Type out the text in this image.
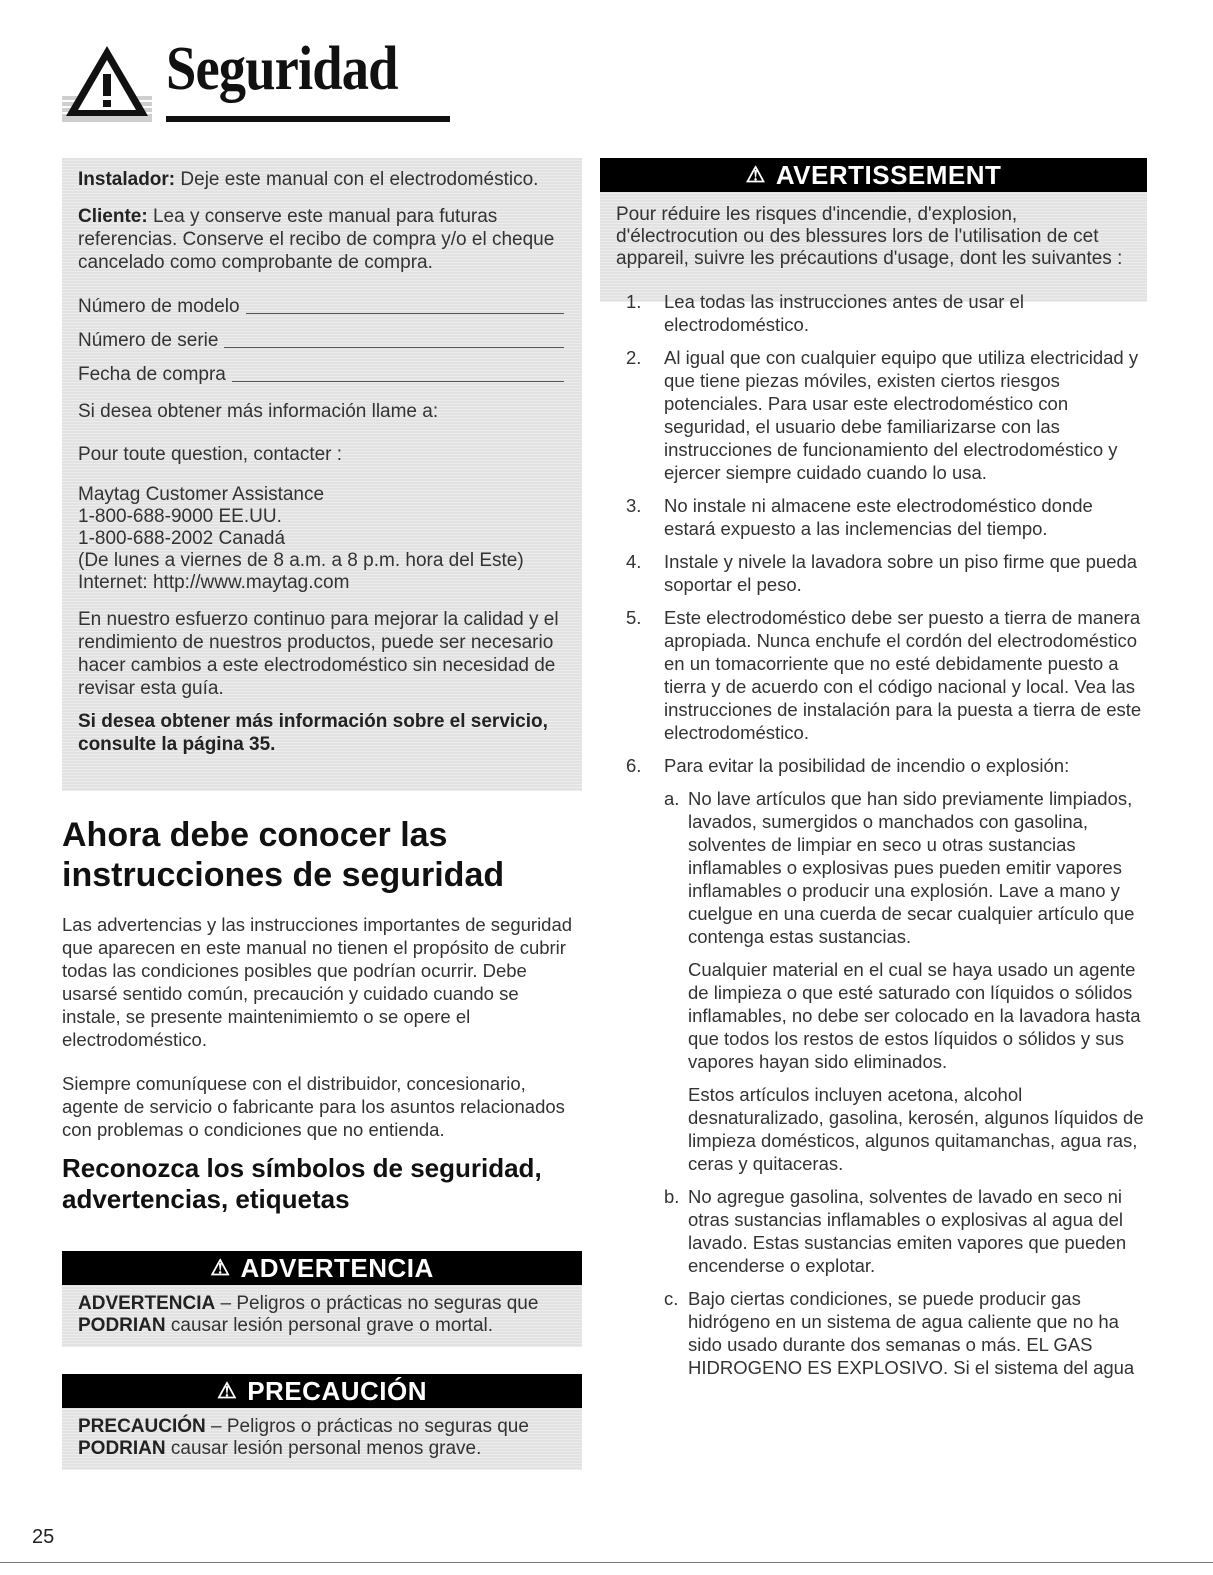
Seguridad

Instalador: Deje este manual con el electrodoméstico.

Cliente: Lea y conserve este manual para futuras referencias. Conserve el recibo de compra y/o el cheque cancelado como comprobante de compra.

Número de modelo
Número de serie
Fecha de compra

Si desea obtener más información llame a:

Pour toute question, contacter :

Maytag Customer Assistance

1-800-688-9000 EE.UU.

1-800-688-2002 Canadá

(De lunes a viernes de 8 a.m. a 8 p.m. hora del Este)

Internet: http://www.maytag.com

En nuestro esfuerzo continuo para mejorar la calidad y el rendimiento de nuestros productos, puede ser necesario hacer cambios a este electrodoméstico sin necesidad de revisar esta guía.

Si desea obtener más información sobre el servicio, consulte la página 35.

Ahora debe conocer las instrucciones de seguridad
Las advertencias y las instrucciones importantes de seguridad que aparecen en este manual no tienen el propósito de cubrir todas las condiciones posibles que podrían ocurrir. Debe usarsé sentido común, precaución y cuidado cuando se instale, se presente maintenimiemto o se opere el electrodoméstico.
Siempre comuníquese con el distribuidor, concesionario, agente de servicio o fabricante para los asuntos relacionados con problemas o condiciones que no entienda.
Reconozca los símbolos de seguridad, advertencias, etiquetas
⚠ ADVERTENCIA
ADVERTENCIA – Peligros o prácticas no seguras que PODRIAN causar lesión personal grave o mortal.
⚠ PRECAUCIÓN
PRECAUCIÓN – Peligros o prácticas no seguras que PODRIAN causar lesión personal menos grave.
⚠ AVERTISSEMENT
Pour réduire les risques d'incendie, d'explosion, d'électrocution ou des blessures lors de l'utilisation de cet appareil, suivre les précautions d'usage, dont les suivantes :
1. Lea todas las instrucciones antes de usar el electrodoméstico.
2. Al igual que con cualquier equipo que utiliza electricidad y que tiene piezas móviles, existen ciertos riesgos potenciales. Para usar este electrodoméstico con seguridad, el usuario debe familiarizarse con las instrucciones de funcionamiento del electrodoméstico y ejercer siempre cuidado cuando lo usa.
3. No instale ni almacene este electrodoméstico donde estará expuesto a las inclemencias del tiempo.
4. Instale y nivele la lavadora sobre un piso firme que pueda soportar el peso.
5. Este electrodoméstico debe ser puesto a tierra de manera apropiada. Nunca enchufe el cordón del electrodoméstico en un tomacorriente que no esté debidamente puesto a tierra y de acuerdo con el código nacional y local. Vea las instrucciones de instalación para la puesta a tierra de este electrodoméstico.
6. Para evitar la posibilidad de incendio o explosión:
a. No lave artículos que han sido previamente limpiados, lavados, sumergidos o manchados con gasolina, solventes de limpiar en seco u otras sustancias inflamables o explosivas pues pueden emitir vapores inflamables o producir una explosión. Lave a mano y cuelgue en una cuerda de secar cualquier artículo que contenga estas sustancias.
Cualquier material en el cual se haya usado un agente de limpieza o que esté saturado con líquidos o sólidos inflamables, no debe ser colocado en la lavadora hasta que todos los restos de estos líquidos o sólidos y sus vapores hayan sido eliminados.
Estos artículos incluyen acetona, alcohol desnaturalizado, gasolina, kerosén, algunos líquidos de limpieza domésticos, algunos quitamanchas, agua ras, ceras y quitaceras.
b. No agregue gasolina, solventes de lavado en seco ni otras sustancias inflamables o explosivas al agua del lavado. Estas sustancias emiten vapores que pueden encenderse o explotar.
c. Bajo ciertas condiciones, se puede producir gas hidrógeno en un sistema de agua caliente que no ha sido usado durante dos semanas o más. EL GAS HIDROGENO ES EXPLOSIVO. Si el sistema del agua
25
